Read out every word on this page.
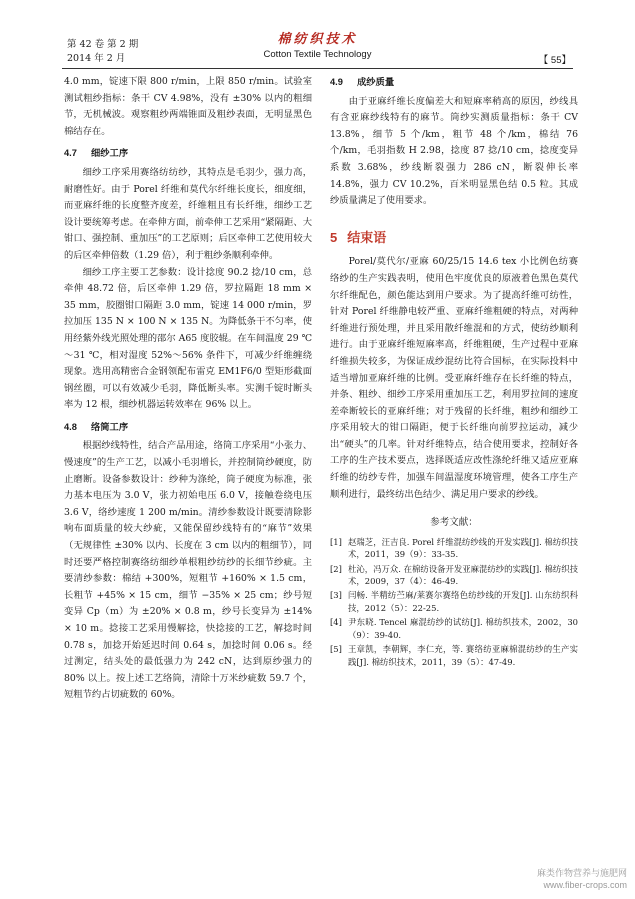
第 42 卷 第 2 期
2014 年 2 月
棉纺织技术
Cotton Textile Technology
【 55】

4.0 mm，锭速下限 800 r/min，上限 850 r/min。试验室测试粗纱指标：条干 CV 4.98%，没有 ±30% 以内的粗细节，无机械波。观察粗纱两端锥面及粗纱表面，无明显黑色棉结存在。

4.7 细纱工序

细纱工序采用赛络纺纺纱，其特点是毛羽少，强力高，耐磨性好。由于 Porel 纤维和莫代尔纤维长度长，细度细，而亚麻纤维的长度整齐度差，纤维粗且有长纤维，细纱工艺设计要统筹考虑。在牵伸方面，前牵伸工艺采用“紧隔距、大钳口、强控制、重加压”的工艺原则；后区牵伸工艺使用较大的后区牵伸倍数（1.29 倍），利于粗纱条顺利牵伸。

细纱工序主要工艺参数：设计捻度 90.2 捻/10 cm，总牵伸 48.72 倍，后区牵伸 1.29 倍，罗拉隔距 18 mm × 35 mm，胶圈钳口隔距 3.0 mm，锭速 14 000 r/min，罗拉加压 135 N × 100 N × 135 N。为降低条干不匀率，使用经紫外线光照处理的邵尔 A65 度胶辊。在车间温度 29 ℃～31 ℃，相对湿度 52%～56% 条件下，可减少纤维缠绕现象。选用高精密合金钢领配布雷克 EM1F6/0 型矩形截面钢丝圈，可以有效减少毛羽，降低断头率。实测千锭时断头率为 12 根，细纱机器运转效率在 96% 以上。

4.8 络筒工序

根据纱线特性，结合产品用途，络筒工序采用“小张力、慢速度”的生产工艺，以减小毛羽增长，并控制筒纱硬度，防止磨断。设备参数设计：纱种为涤纶，筒子硬度为标准，张力基本电压为 3.0 V，张力初始电压 6.0 V，接触卷绕电压 3.6 V，络纱速度 1 200 m/min。清纱参数设计既要清除影响布面质量的较大纱疵，又能保留纱线特有的“麻节”效果（无规律性 ±30% 以内、长度在 3 cm 以内的粗细节），同时还要严格控制赛络纺细纱单根粗纱纺纱的长细节纱疵。主要清纱参数：棉结 +300%，短粗节 +160% × 1.5 cm，长粗节 +45% × 15 cm，细节 −35% × 25 cm；纱号短变异 Cp（m）为 ±20% × 0.8 m，纱号长变异为 ±14% × 10 m。捻接工艺采用慢解捻，快捻接的工艺，解捻时间 0.78 s，加捻开始延迟时间 0.64 s，加捻时间 0.06 s。经过测定，结头处的最低强力为 242 cN，达到原纱强力的 80% 以上。按上述工艺络筒，清除十万米纱疵数 59.7 个，短粗节约占切疵数的 60%。

4.9 成纱质量

由于亚麻纤维长度偏差大和短麻率稍高的原因，纱线具有含亚麻纱线特有的麻节。筒纱实测质量指标：条干 CV 13.8%，细节 5 个/km，粗节 48 个/km，棉结 76 个/km，毛羽指数 H 2.98，捻度 87 捻/10 cm，捻度变异系数 3.68%，纱线断裂强力 286 cN，断裂伸长率 14.8%，强力 CV 10.2%，百米明显黑色结 0.5 粒。其成纱质量满足了使用要求。

5 结束语

Porel/莫代尔/亚麻 60/25/15 14.6 tex 小比例色纺赛络纱的生产实践表明，使用色牢度优良的原液着色黑色莫代尔纤维配色，颜色能达到用户要求。为了提高纤维可纺性，针对 Porel 纤维静电较严重、亚麻纤维粗硬的特点，对两种纤维进行预处理，并且采用散纤维混和的方式，使纺纱顺利进行。由于亚麻纤维短麻率高，纤维粗硬，生产过程中亚麻纤维损失较多，为保证成纱混纺比符合国标，在实际投料中适当增加亚麻纤维的比例。受亚麻纤维存在长纤维的特点，并条、粗纱、细纱工序采用重加压工艺，利用罗拉间的速度差牵断较长的亚麻纤维；对于残留的长纤维，粗纱和细纱工序采用较大的钳口隔距，便于长纤维向前罗拉运动，减少出“硬头”的几率。针对纤维特点，结合使用要求，控制好各工序的生产技术要点，选择既适应改性涤纶纤维又适应亚麻纤维的纺纱专件，加强车间温湿度环境管理，使各工序生产顺利进行，最终纺出色结少、满足用户要求的纱线。

参考文献：
[1] 赵瑞芝，汪吉良. Porel 纤维混纺纱线的开发实践[J]. 棉纺织技术，2011，39（9）：33-35.
[2] 杜沁，冯万众. 在棉纺设备开发亚麻混纺纱的实践[J]. 棉纺织技术，2009，37（4）：46-49.
[3] 闫畅. 半精纺苎麻/莱赛尔赛络色纺纱线的开发[J]. 山东纺织科技，2012（5）：22-25.
[4] 尹东晓. Tencel 麻混纺纱的试纺[J]. 棉纺织技术，2002，30（9）：39-40.
[5] 王章凯，李朝辉，李仁充，等. 赛络纺亚麻棉混纺纱的生产实践[J]. 棉纺织技术，2011，39（5）：47-49.
麻类作物营养与施肥网
www.fiber-crops.com
